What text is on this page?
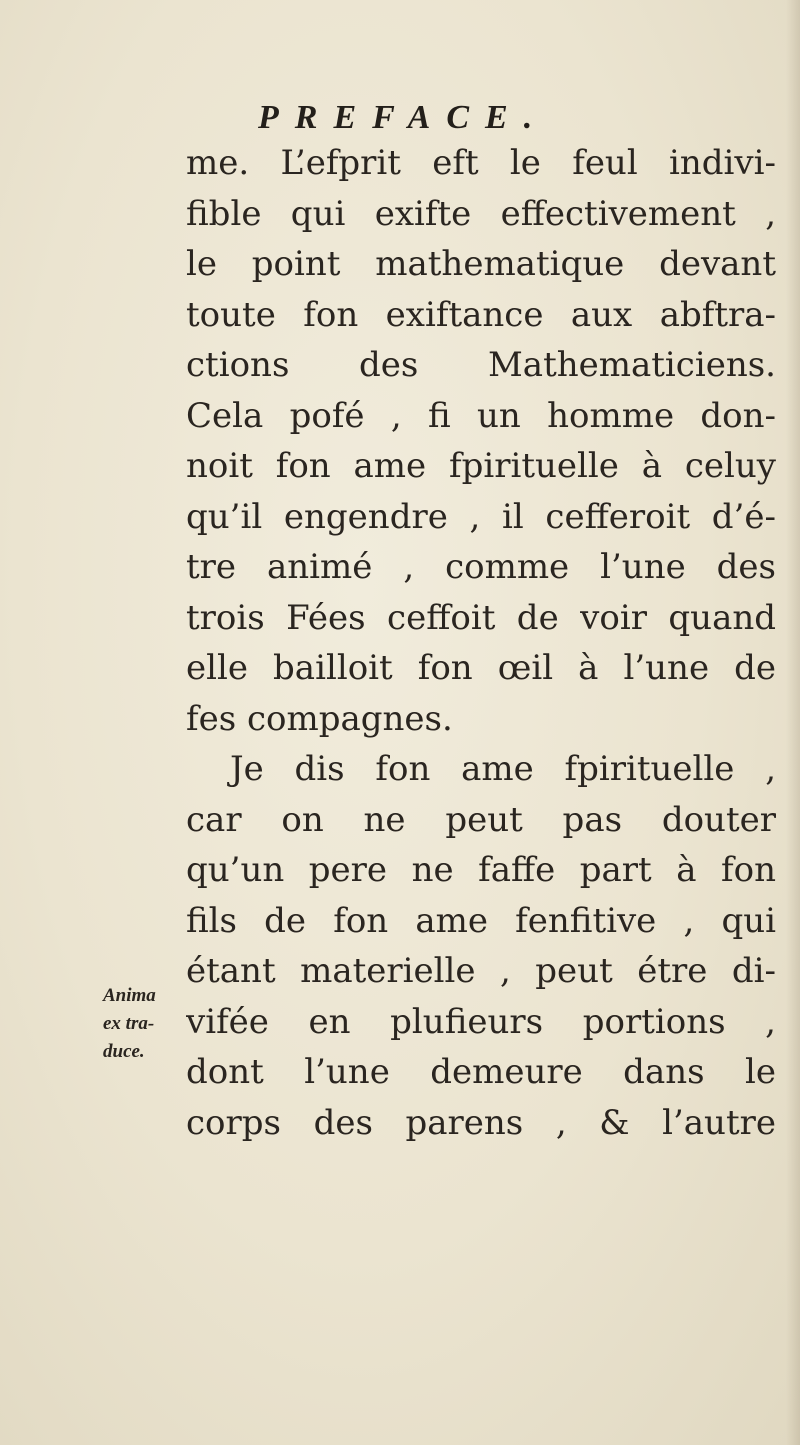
PREFACE.
Anima
ex tra-
duce.
me. L’efprit eft le feul indivi-
fible qui exifte effectivement ,
le point mathematique devant
toute fon exiftance aux abftra-
ctions des Mathematiciens.
Cela pofé , fi un homme don-
noit fon ame fpirituelle à celuy
qu’il engendre , il cefferoit d’é-
tre animé , comme l’une des
trois Fées ceffoit de voir quand
elle bailloit fon œil à l’une de
fes compagnes.
Je dis fon ame fpirituelle ,
car on ne peut pas douter
qu’un pere ne faffe part à fon
fils de fon ame fenfitive , qui
étant materielle , peut étre di-
vifée en plufieurs portions ,
dont l’une demeure dans le
corps des parens , & l’autre
